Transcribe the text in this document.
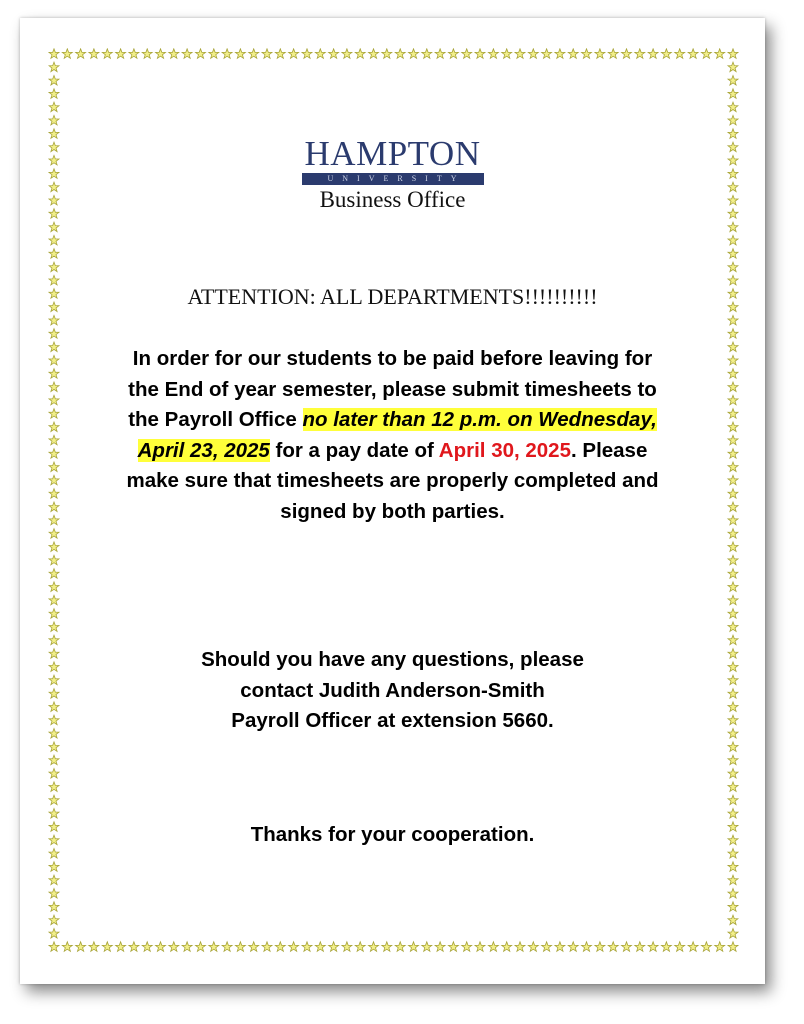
HAMPTON
UNIVERSITY
Business Office
ATTENTION: ALL DEPARTMENTS!!!!!!!!!!
In order for our students to be paid before leaving for the End of year semester, please submit timesheets to the Payroll Office no later than 12 p.m. on Wednesday, April 23, 2025 for a pay date of April 30, 2025. Please make sure that timesheets are properly completed and signed by both parties.
Should you have any questions, please
contact Judith Anderson-Smith
Payroll Officer at extension 5660.
Thanks for your cooperation.
